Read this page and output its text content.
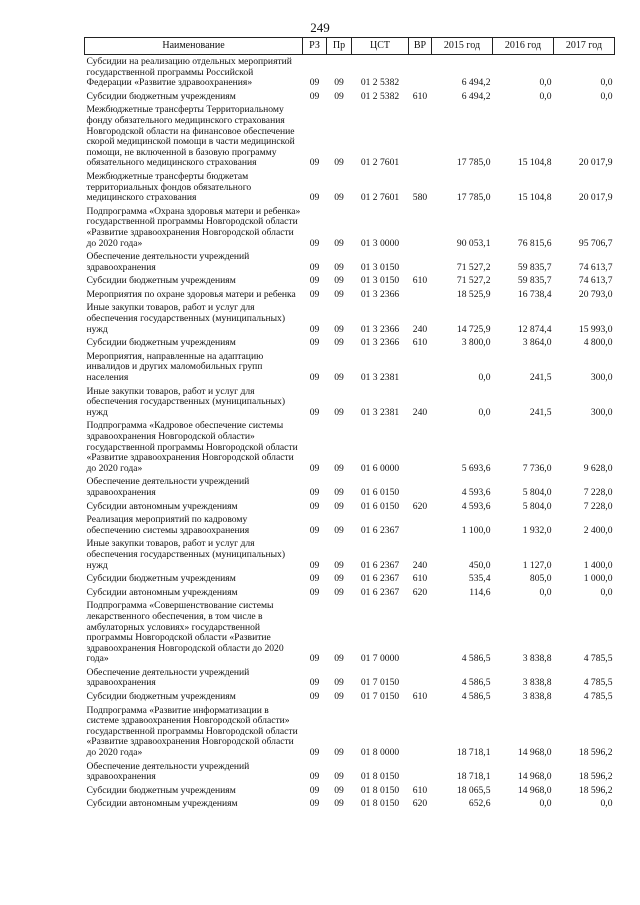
249
Наименование	РЗ	Пр	ЦСТ	ВР	2015 год	2016 год	2017 год
Субсидии на реализацию отдельных мероприятий государственной программы Российской Федерации «Развитие здравоохранения»	09	09	01 2 5382		6 494,2	0,0	0,0
Субсидии бюджетным учреждениям	09	09	01 2 5382	610	6 494,2	0,0	0,0
Межбюджетные трансферты Территориальному фонду обязательного медицинского страхования Новгородской области на финансовое обеспечение скорой медицинской помощи в части медицинской помощи, не включенной в базовую программу обязательного медицинского страхования	09	09	01 2 7601		17 785,0	15 104,8	20 017,9
Межбюджетные трансферты бюджетам территориальных фондов обязательного медицинского страхования	09	09	01 2 7601	580	17 785,0	15 104,8	20 017,9
Подпрограмма «Охрана здоровья матери и ребенка» государственной программы Новгородской области «Развитие здравоохранения Новгородской области до 2020 года»	09	09	01 3 0000		90 053,1	76 815,6	95 706,7
Обеспечение деятельности учреждений здравоохранения	09	09	01 3 0150		71 527,2	59 835,7	74 613,7
Субсидии бюджетным учреждениям	09	09	01 3 0150	610	71 527,2	59 835,7	74 613,7
Мероприятия по охране здоровья матери и ребенка	09	09	01 3 2366		18 525,9	16 738,4	20 793,0
Иные закупки товаров, работ и услуг для обеспечения государственных (муниципальных) нужд	09	09	01 3 2366	240	14 725,9	12 874,4	15 993,0
Субсидии бюджетным учреждениям	09	09	01 3 2366	610	3 800,0	3 864,0	4 800,0
Мероприятия, направленные на адаптацию инвалидов и других маломобильных групп населения	09	09	01 3 2381		0,0	241,5	300,0
Иные закупки товаров, работ и услуг для обеспечения государственных (муниципальных) нужд	09	09	01 3 2381	240	0,0	241,5	300,0
Подпрограмма «Кадровое обеспечение системы здравоохранения Новгородской области» государственной программы Новгородской области «Развитие здравоохранения Новгородской области до 2020 года»	09	09	01 6 0000		5 693,6	7 736,0	9 628,0
Обеспечение деятельности учреждений здравоохранения	09	09	01 6 0150		4 593,6	5 804,0	7 228,0
Субсидии автономным учреждениям	09	09	01 6 0150	620	4 593,6	5 804,0	7 228,0
Реализация мероприятий по кадровому обеспечению системы здравоохранения	09	09	01 6 2367		1 100,0	1 932,0	2 400,0
Иные закупки товаров, работ и услуг для обеспечения государственных (муниципальных) нужд	09	09	01 6 2367	240	450,0	1 127,0	1 400,0
Субсидии бюджетным учреждениям	09	09	01 6 2367	610	535,4	805,0	1 000,0
Субсидии автономным учреждениям	09	09	01 6 2367	620	114,6	0,0	0,0
Подпрограмма «Совершенствование системы лекарственного обеспечения, в том числе в амбулаторных условиях» государственной программы Новгородской области «Развитие здравоохранения Новгородской области до 2020 года»	09	09	01 7 0000		4 586,5	3 838,8	4 785,5
Обеспечение деятельности учреждений здравоохранения	09	09	01 7 0150		4 586,5	3 838,8	4 785,5
Субсидии бюджетным учреждениям	09	09	01 7 0150	610	4 586,5	3 838,8	4 785,5
Подпрограмма «Развитие информатизации в системе здравоохранения Новгородской области» государственной программы Новгородской области «Развитие здравоохранения Новгородской области до 2020 года»	09	09	01 8 0000		18 718,1	14 968,0	18 596,2
Обеспечение деятельности учреждений здравоохранения	09	09	01 8 0150		18 718,1	14 968,0	18 596,2
Субсидии бюджетным учреждениям	09	09	01 8 0150	610	18 065,5	14 968,0	18 596,2
Субсидии автономным учреждениям	09	09	01 8 0150	620	652,6	0,0	0,0
